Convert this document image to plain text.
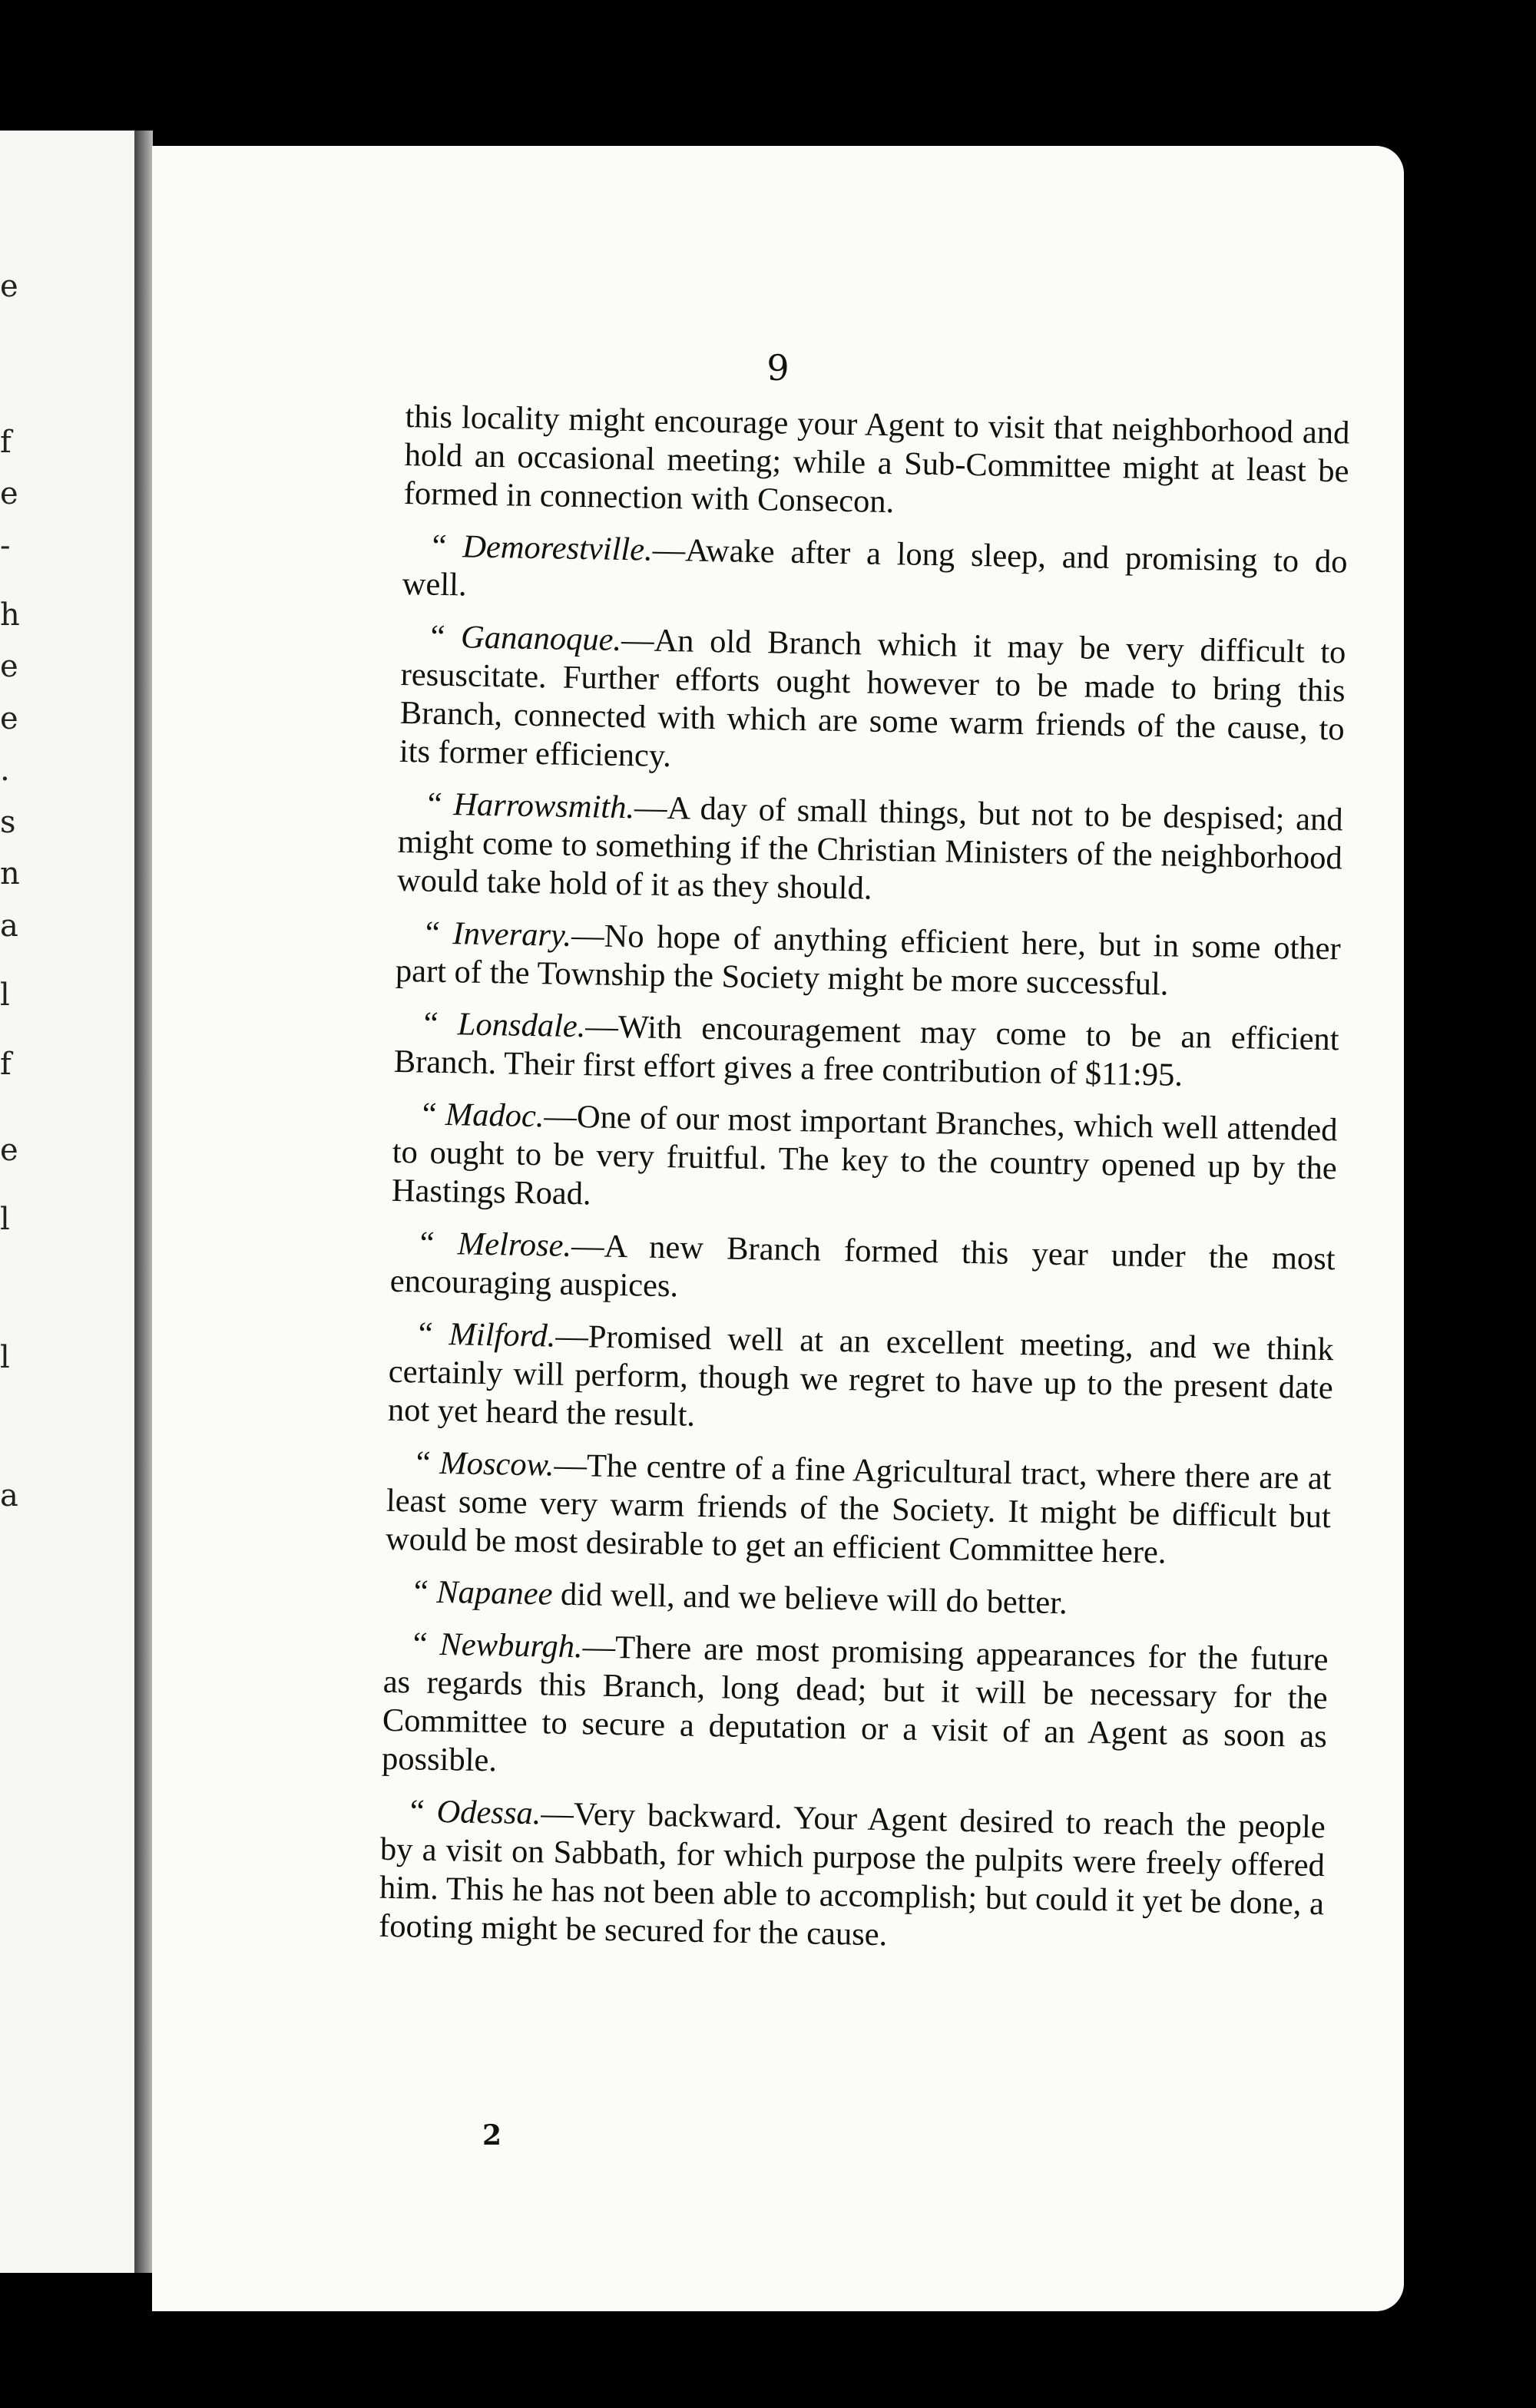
e
f
e
-
h
e
e
.
s
n
a
l
f
e
l
l
a
9

this locality might encourage your Agent to visit that neighborhood and hold an occasional meeting; while a Sub-Committee might at least be formed in connection with Consecon.

“ Demorestville.—Awake after a long sleep, and promising to do well.

“ Gananoque.—An old Branch which it may be very difficult to resuscitate. Further efforts ought however to be made to bring this Branch, connected with which are some warm friends of the cause, to its former efficiency.

“ Harrowsmith.—A day of small things, but not to be despised; and might come to something if the Christian Ministers of the neighborhood would take hold of it as they should.

“ Inverary.—No hope of anything efficient here, but in some other part of the Township the Society might be more successful.

“ Lonsdale.—With encouragement may come to be an efficient Branch. Their first effort gives a free contribution of $11:95.

“ Madoc.—One of our most important Branches, which well attended to ought to be very fruitful. The key to the country opened up by the Hastings Road.

“ Melrose.—A new Branch formed this year under the most encouraging auspices.

“ Milford.—Promised well at an excellent meeting, and we think certainly will perform, though we regret to have up to the present date not yet heard the result.

“ Moscow.—The centre of a fine Agricultural tract, where there are at least some very warm friends of the Society. It might be difficult but would be most desirable to get an efficient Committee here.

“ Napanee did well, and we believe will do better.

“ Newburgh.—There are most promising appearances for the future as regards this Branch, long dead; but it will be necessary for the Committee to secure a deputation or a visit of an Agent as soon as possible.

“ Odessa.—Very backward. Your Agent desired to reach the people by a visit on Sabbath, for which purpose the pulpits were freely offered him. This he has not been able to accomplish; but could it yet be done, a footing might be secured for the cause.

2
